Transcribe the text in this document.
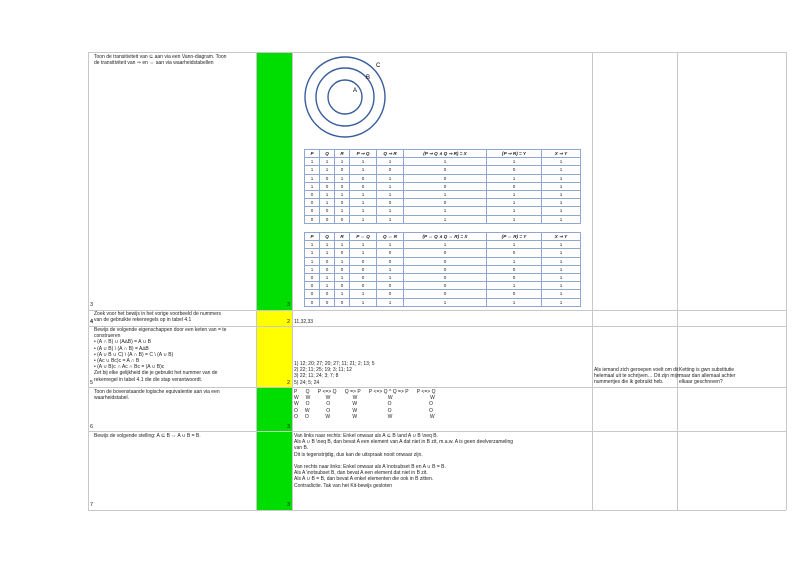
Toon de transitiviteit van ⊆ aan via een Vann-diagram. Toon
de transitiviteit van ⇒ en ⇔ aan via waarheidstabellen
3	3
A
B
C
P	Q	R	P ⇒ Q	Q ⇒ R	(P ⇒ Q ∧ Q ⇒ R) = X	(P ⇒ R) = Y	X ⇒ Y
1	1	1	1	1	1	1	1
1	1	0	1	0	0	0	1
1	0	1	0	1	0	1	1
1	0	0	0	1	0	0	1
0	1	1	1	1	1	1	1
0	1	0	1	0	0	1	1
0	0	1	1	1	1	1	1
0	0	0	1	1	1	1	1
P	Q	R	P ⇔ Q	Q ⇔ R	(P ⇔ Q ∧ Q ⇔ R) = X	(P ⇔ R) = Y	X ⇒ Y
1	1	1	1	1	1	1	1
1	1	0	1	0	0	0	1
1	0	1	0	0	0	1	1
1	0	0	0	1	0	0	1
0	1	1	0	1	0	0	1
0	1	0	0	0	0	1	1
0	0	1	1	0	0	0	1
0	0	0	1	1	1	1	1
Zoek voor het bewijs in het vorige voorbeeld de nummers
van de gebruikte rekenregels op in tabel 4.1
4	2 11,32,33
Bewijs de volgende eigenschappen door een keten van = te
construeren
• (A ∩ B) ∪ (A∆B) = A ∪ B
• (A ∪ B) \ (A ∩ B) = A∆B
• (A ∪ B ∪ C) \ (A ∩ B) = C \ (A ∪ B)
• (Ac ∪ Bc)c = A ∩ B
• (A ∪ B)c ∩ Ac ∩ Bc = (A ∪ B)c
Zet bij elke gelijkheid die je gebruikt het nummer van de
rekenregel in tabel 4.1 die die stap verantwoordt.
5	2
1) 12; 20; 27; 20; 27; 11; 21; 2; 13; 5
2) 22; 11; 25; 19; 3; 11; 12
3) 22; 11; 24; 3; 7; 8
5) 24; 5; 24
Als iemand zich geroepen voelt om dit
helemaal uit te schrijven… Dit zijn mijn
nummertjes die ik gebruikt heb.
Ketting is gwn substitutie
maar dan allemaal achter
elkaar geschreven?
Toon de bovenstaande logische equivalentie aan via een
waarheidstabel.
6	3
P      Q      P <=> Q      Q => P      P <=> Q ^ Q => P      P <=> Q
W     W           W                W                      W                           W
W     O            O                W                      O                           O
O     W            O                W                      O                           O
O     O            W                W                      W                           W
Bewijs de volgende stelling: A ⊆ B ⇔ A ∪ B = B.
7	3
Van links naar rechts: Enkel onwaar als A ⊆ B \and A ∪ B \neq B.
Als A ∪ B \neq B, dan bevat A een element van A dat niet in B zit, m.a.w. A is geen deelverzameling
van B.
Dit is tegenstrijdig, dus kan de uitspraak nooit onwaar zijn.

Van rechts naar links: Enkel onwaar als A \notsubset B en A ∪ B = B.
Als A \notsubset B, dan bevat A een element dat niet in B zit.
Als A ∪ B = B, dan bevat A enkel elementen die ook in B zitten.
Contradictie. Tak van het Kit-bewijs gesloten
